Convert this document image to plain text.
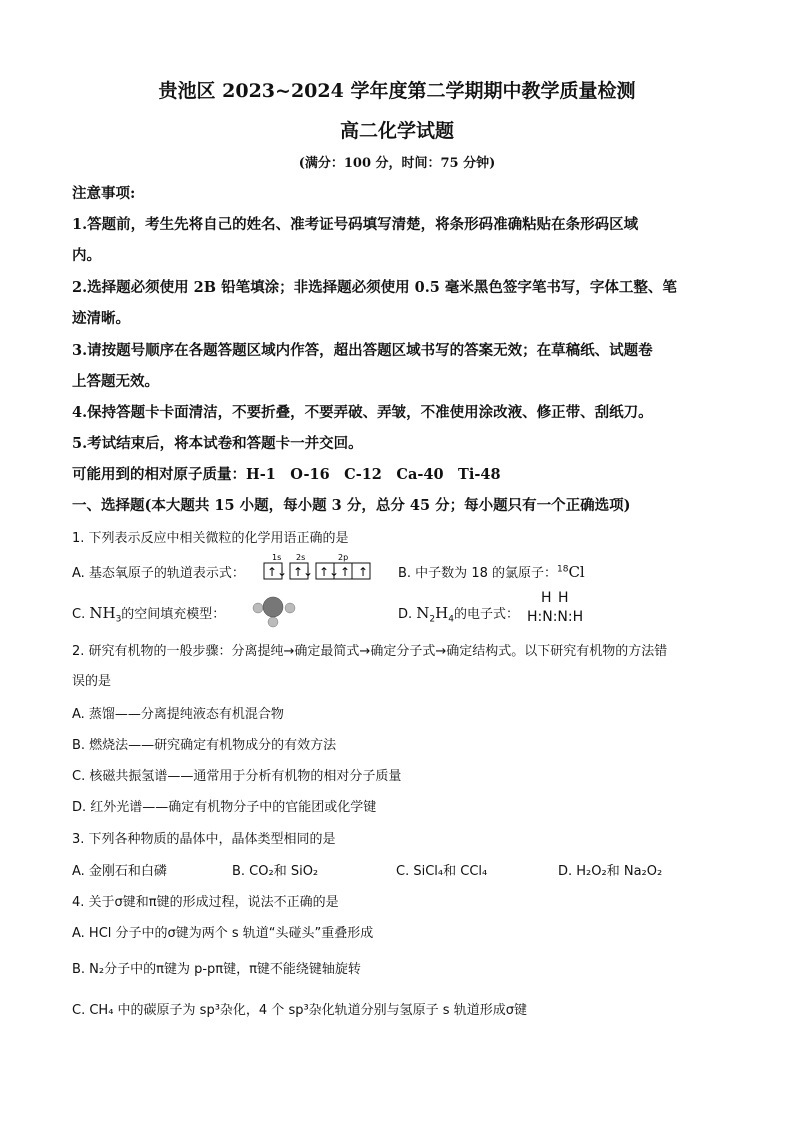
贵池区 2023~2024 学年度第二学期期中教学质量检测
高二化学试题
(满分：100 分，时间：75 分钟)
注意事项:
1.答题前，考生先将自己的姓名、准考证号码填写清楚，将条形码准确粘贴在条形码区域
内。
2.选择题必须使用 2B 铅笔填涂；非选择题必须使用 0.5 毫米黑色签字笔书写，字体工整、笔
迹清晰。
3.请按题号顺序在各题答题区域内作答，超出答题区域书写的答案无效；在草稿纸、试题卷
上答题无效。
4.保持答题卡卡面清洁，不要折叠，不要弄破、弄皱，不准使用涂改液、修正带、刮纸刀。
5.考试结束后，将本试卷和答题卡一并交回。
可能用到的相对原子质量：H-1　O-16　C-12　Ca-40　Ti-48
一、选择题(本大题共 15 小题，每小题 3 分，总分 45 分；每小题只有一个正确选项)
1. 下列表示反应中相关微粒的化学用语正确的是
A. 基态氧原子的轨道表示式：
1s 2s	2p
↑↓ ↑↓ ↑↓ ↑ ↑ B. 中子数为 18 的氯原子：$^{18}$Cl
C. $NH_3$的空间填充模型：	D. $N_2H_4$的电子式：
H H
H:N:N:H
2. 研究有机物的一般步骤：分离提纯→确定最简式→确定分子式→确定结构式。以下研究有机物的方法错
误的是
A. 蒸馏——分离提纯液态有机混合物
B. 燃烧法——研究确定有机物成分的有效方法
C. 核磁共振氢谱——通常用于分析有机物的相对分子质量
D. 红外光谱——确定有机物分子中的官能团或化学键
3. 下列各种物质的晶体中，晶体类型相同的是
A. 金刚石和白磷	B. CO₂和 SiO₂	C. SiCl₄和 CCl₄	D. H₂O₂和 Na₂O₂
4. 关于σ键和π键的形成过程，说法不正确的是
A. HCl 分子中的σ键为两个 s 轨道“头碰头”重叠形成
B. N₂分子中的π键为 p-pπ键，π键不能绕键轴旋转
C. CH₄ 中的碳原子为 sp³杂化，4 个 sp³杂化轨道分别与氢原子 s 轨道形成σ键
